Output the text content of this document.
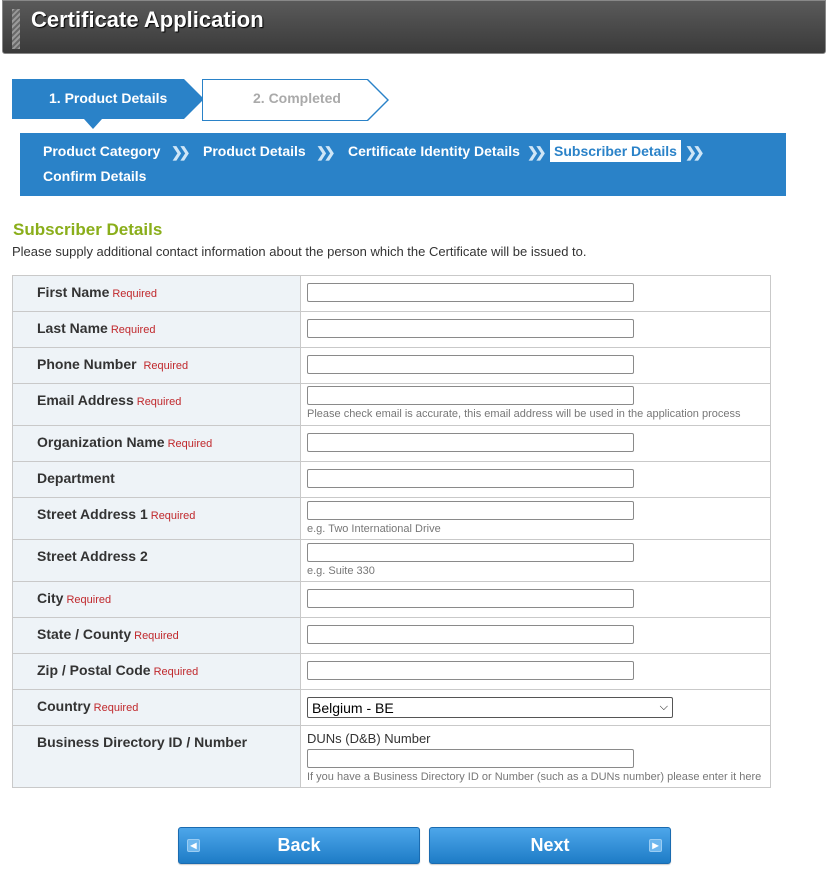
Certificate Application
1. Product Details	2. Completed
Product Category ❯❯ Product Details ❯❯ Certificate Identity Details ❯❯ Subscriber Details ❯❯
Confirm Details
Subscriber Details
Please supply additional contact information about the person which the Certificate will be issued to.
First Name Required	

Last Name Required	

Phone Number Required	

Email Address Required	Please check email is accurate, this email address will be used in the application process

Organization Name Required	

Department	

Street Address 1 Required	e.g. Two International Drive

Street Address 2	e.g. Suite 330

City Required	

State / County Required	

Zip / Postal Code Required	

Country Required	Belgium - BE ⌵

Business Directory ID / Number	DUNs (D&B) Number
If you have a Business Directory ID or Number (such as a DUNs number) please enter it here
◀	Back	Next	▶
